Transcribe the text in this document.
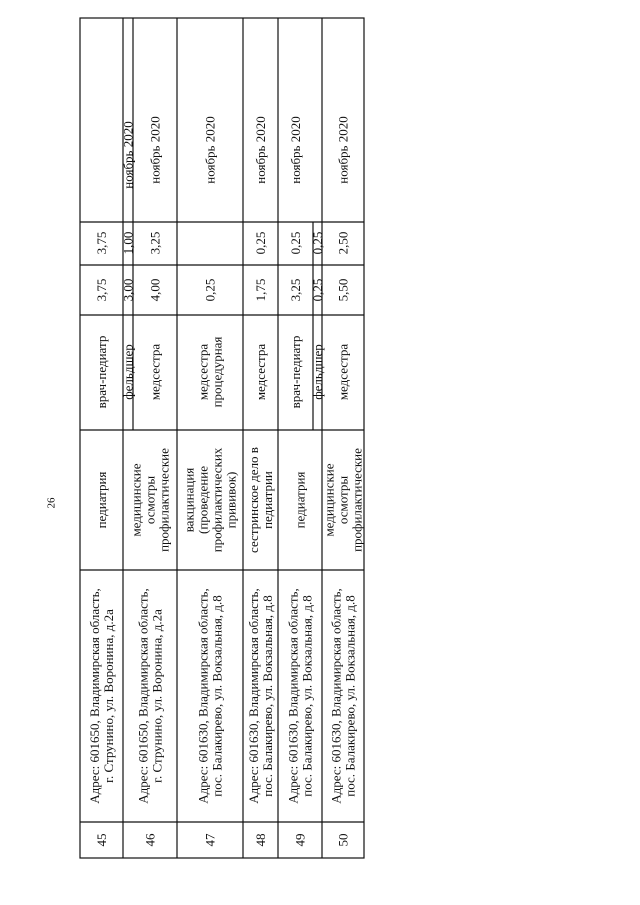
26
45
Адрес: 601650, Владимирская область, г. Струнино, ул. Воронина, д.2а
педиатрия
врач-педиатр
3,75
3,75
46
Адрес: 601650, Владимирская область, г. Струнино, ул. Воронина, д.2а
медицинские осмотры профилактические
фельдшер
3,00
1,00
ноябрь 2020
медсестра
4,00
3,25
ноябрь 2020
47
Адрес: 601630, Владимирская область, пос. Балакирево, ул. Вокзальная, д.8
вакцинация (проведение профилактических прививок)
медсестра процедурная
0,25
ноябрь 2020
48
Адрес: 601630, Владимирская область, пос. Балакирево, ул. Вокзальная, д.8
сестринское дело в педиатрии
медсестра
1,75
0,25
ноябрь 2020
49
Адрес: 601630, Владимирская область, пос. Балакирево, ул. Вокзальная, д.8
педиатрия
врач-педиатр
3,25
0,25
ноябрь 2020
фельдшер
0,25
0,25
50
Адрес: 601630, Владимирская область, пос. Балакирево, ул. Вокзальная, д.8
медицинские осмотры профилактические
медсестра
5,50
2,50
ноябрь 2020
